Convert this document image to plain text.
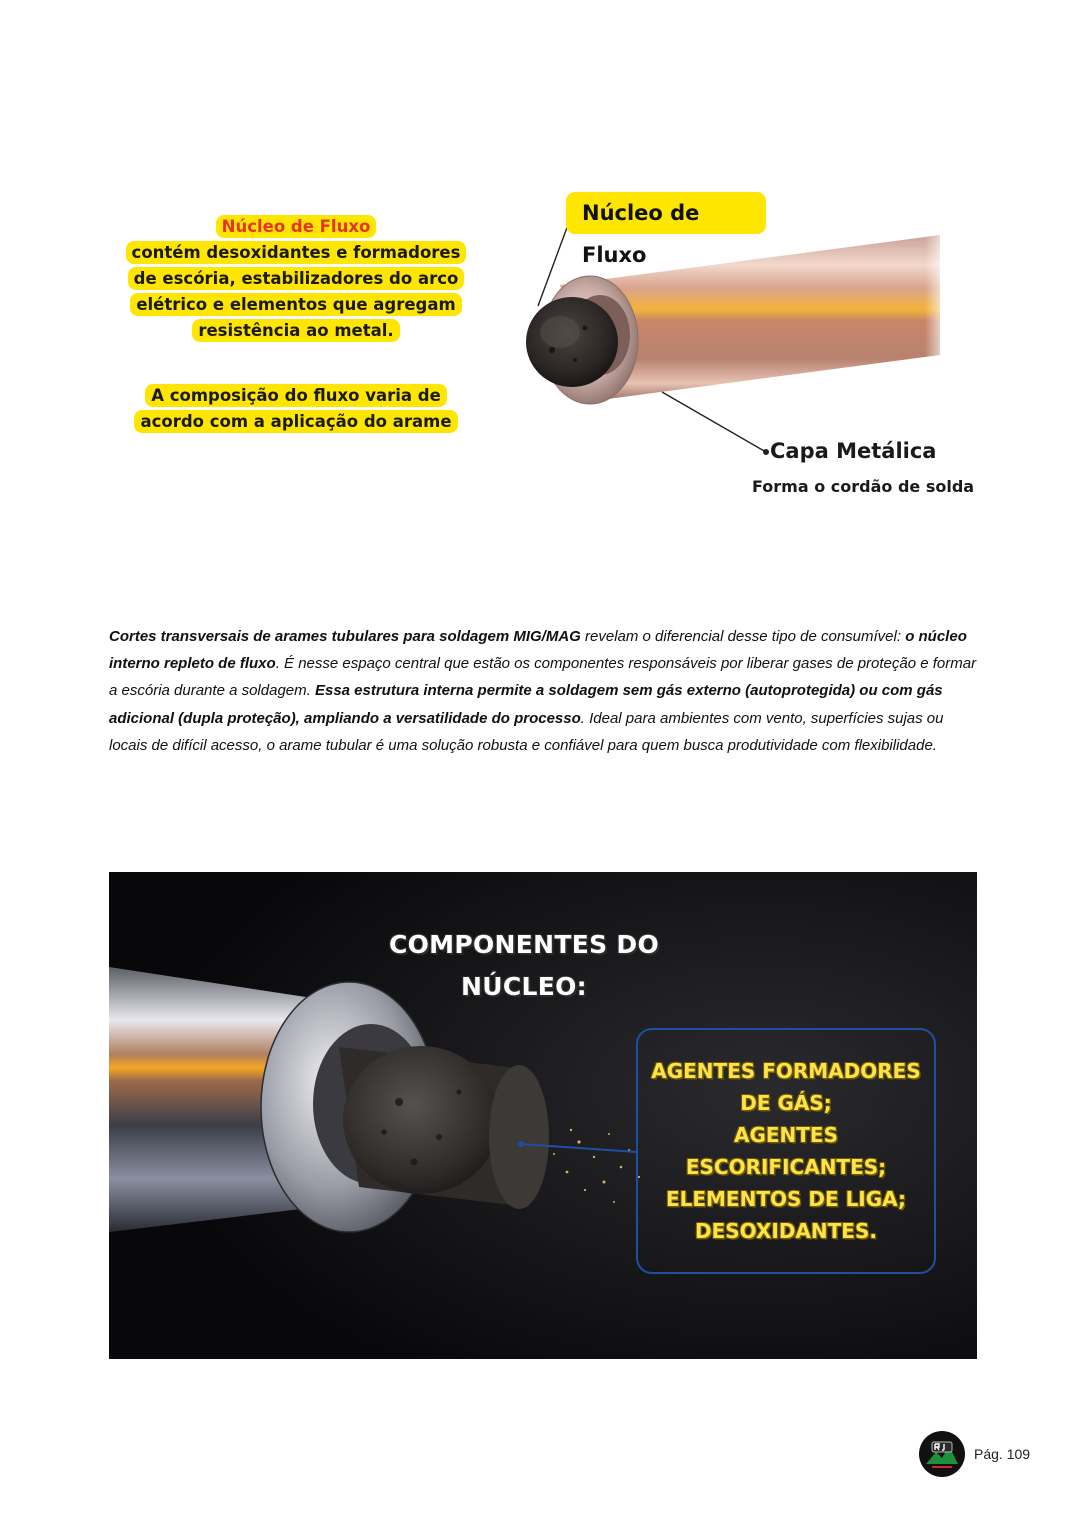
Núcleo de Fluxo
contém desoxidantes e formadores de escória, estabilizadores do arco elétrico e elementos que agregam resistência ao metal.
A composição do fluxo varia de acordo com a aplicação do arame
Núcleo de Fluxo
Capa Metálica
Forma o cordão de solda

Cortes transversais de arames tubulares para soldagem MIG/MAG revelam o diferencial desse tipo de consumível: o núcleo interno repleto de fluxo. É nesse espaço central que estão os componentes responsáveis por liberar gases de proteção e formar a escória durante a soldagem. Essa estrutura interna permite a soldagem sem gás externo (autoprotegida) ou com gás adicional (dupla proteção), ampliando a versatilidade do processo. Ideal para ambientes com vento, superfícies sujas ou locais de difícil acesso, o arame tubular é uma solução robusta e confiável para quem busca produtividade com flexibilidade.

COMPONENTES DO NÚCLEO:
AGENTES FORMADORES
DE GÁS;
AGENTES
ESCORIFICANTES;
ELEMENTOS DE LIGA;
DESOXIDANTES.
Pág. 109
